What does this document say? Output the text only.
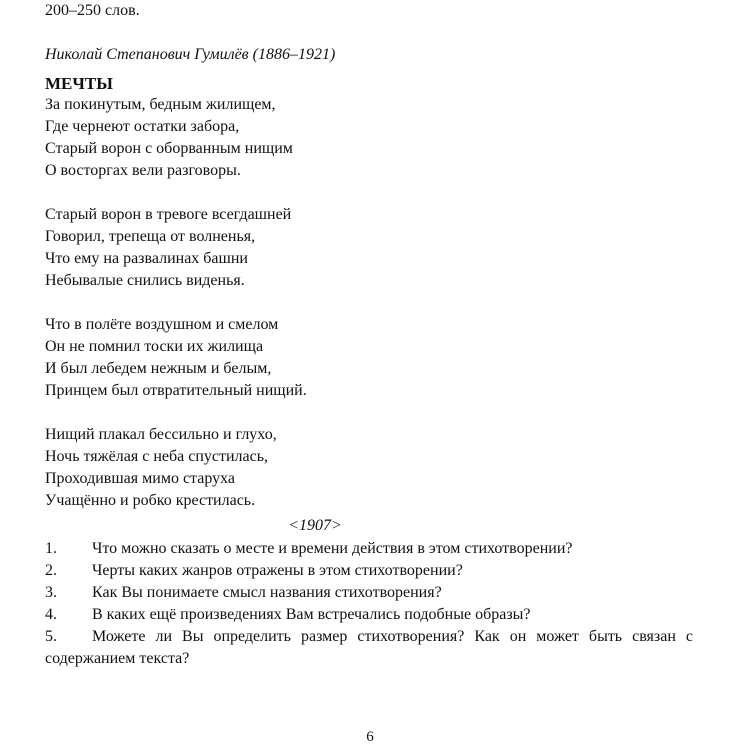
200–250 слов.
Николай Степанович Гумилёв (1886–1921)
МЕЧТЫ
За покинутым, бедным жилищем,
Где чернеют остатки забора,
Старый ворон с оборванным нищим
О восторгах вели разговоры.
Старый ворон в тревоге всегдашней
Говорил, трепеща от волненья,
Что ему на развалинах башни
Небывалые снились виденья.
Что в полёте воздушном и смелом
Он не помнил тоски их жилища
И был лебедем нежным и белым,
Принцем был отвратительный нищий.
Нищий плакал бессильно и глухо,
Ночь тяжёлая с неба спустилась,
Проходившая мимо старуха
Учащённо и робко крестилась.
<1907>
1. Что можно сказать о месте и времени действия в этом стихотворении?
2. Черты каких жанров отражены в этом стихотворении?
3. Как Вы понимаете смысл названия стихотворения?
4. В каких ещё произведениях Вам встречались подобные образы?
5. Можете ли Вы определить размер стихотворения? Как он может быть связан с содержанием текста?
6
